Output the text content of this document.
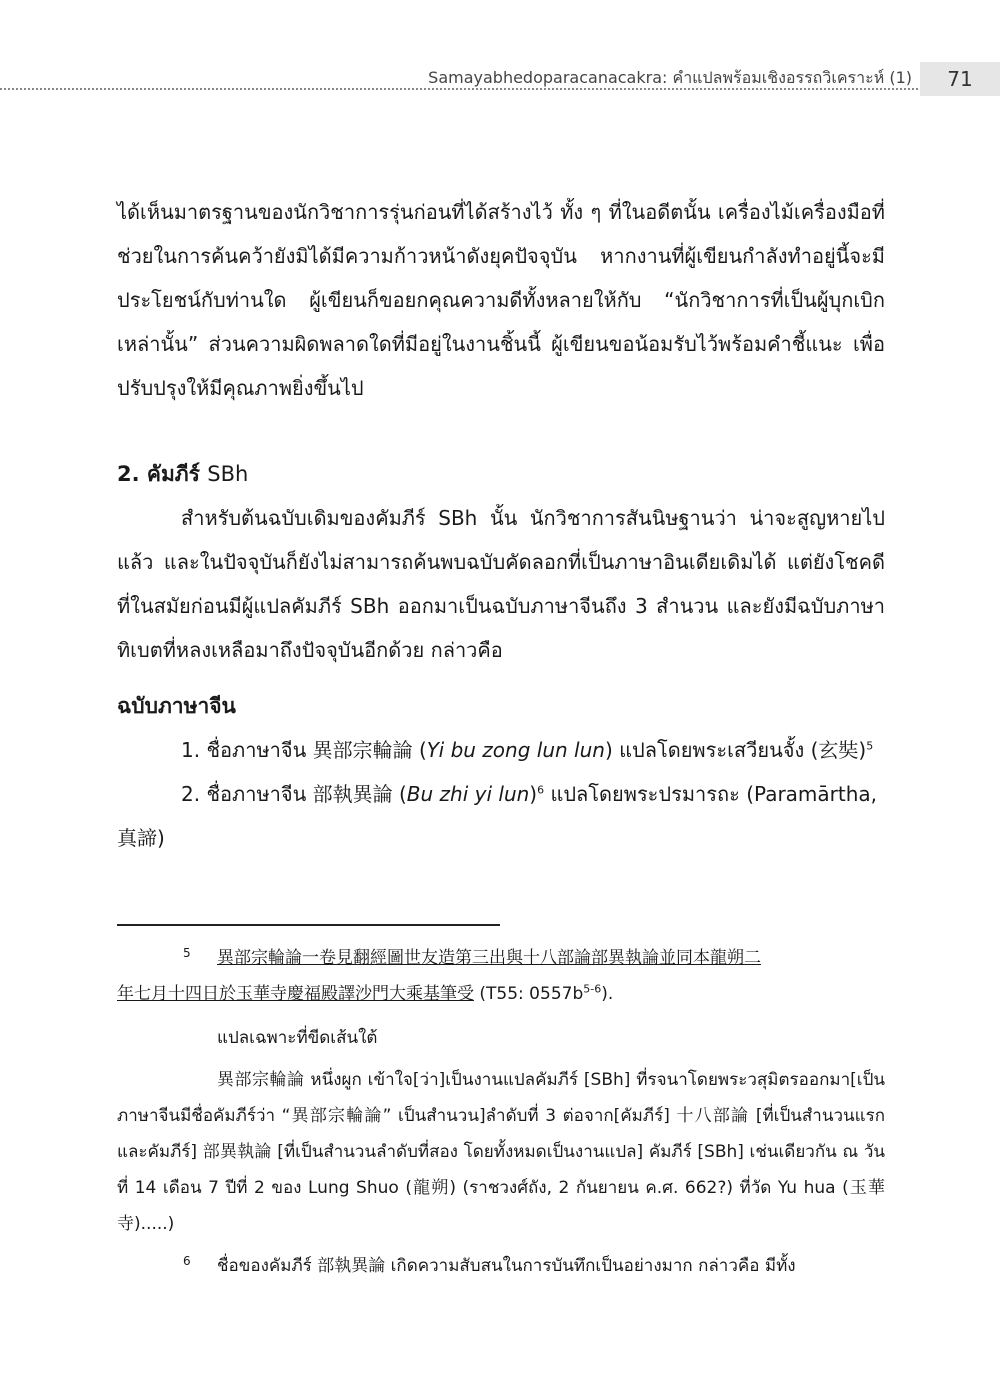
Samayabhedoparacanacakra: คำแปลพร้อมเชิงอรรถวิเคราะห์ (1) 71

ได้เห็นมาตรฐานของนักวิชาการรุ่นก่อนที่ได้สร้างไว้ ทั้ง ๆ ที่ในอดีตนั้น เครื่องไม้เครื่องมือที่ช่วยในการค้นคว้ายังมิได้มีความก้าวหน้าดังยุคปัจจุบัน หากงานที่ผู้เขียนกำลังทำอยู่นี้จะมีประโยชน์กับท่านใด ผู้เขียนก็ขอยกคุณความดีทั้งหลายให้กับ “นักวิชาการที่เป็นผู้บุกเบิกเหล่านั้น” ส่วนความผิดพลาดใดที่มีอยู่ในงานชิ้นนี้ ผู้เขียนขอน้อมรับไว้พร้อมคำชี้แนะ เพื่อปรับปรุงให้มีคุณภาพยิ่งขึ้นไป

2. คัมภีร์ SBh

สำหรับต้นฉบับเดิมของคัมภีร์ SBh นั้น นักวิชาการสันนิษฐานว่า น่าจะสูญหายไปแล้ว และในปัจจุบันก็ยังไม่สามารถค้นพบฉบับคัดลอกที่เป็นภาษาอินเดียเดิมได้ แต่ยังโชคดีที่ในสมัยก่อนมีผู้แปลคัมภีร์ SBh ออกมาเป็นฉบับภาษาจีนถึง 3 สำนวน และยังมีฉบับภาษาทิเบตที่หลงเหลือมาถึงปัจจุบันอีกด้วย กล่าวคือ

ฉบับภาษาจีน

1. ชื่อภาษาจีน 異部宗輪論 (Yi bu zong lun lun) แปลโดยพระเสวียนจั้ง (玄奘)$^5$

2. ชื่อภาษาจีน 部執異論 (Bu zhi yi lun)$^6$ แปลโดยพระปรมารถะ (Paramārtha, 真諦)

5 異部宗輪論一卷見翻經圖世友造第三出與十八部論部異執論並同本龍朔二
年七月十四日於玉華寺慶福殿譯沙門大乘基筆受 (T55: $0557b^{5-6}$).
แปลเฉพาะที่ขีดเส้นใต้
異部宗輪論 หนึ่งผูก เข้าใจ[ว่า]เป็นงานแปลคัมภีร์ [SBh] ที่รจนาโดยพระวสุมิตรออกมา[เป็นภาษาจีนมีชื่อคัมภีร์ว่า “異部宗輪論” เป็นสำนวน]ลำดับที่ 3 ต่อจาก[คัมภีร์] 十八部論 [ที่เป็นสำนวนแรก และคัมภีร์] 部異執論 [ที่เป็นสำนวนลำดับที่สอง โดยทั้งหมดเป็นงานแปล] คัมภีร์ [SBh] เช่นเดียวกัน ณ วันที่ 14 เดือน 7 ปีที่ 2 ของ Lung Shuo (龍朔) (ราชวงศ์ถัง, 2 กันยายน ค.ศ. 662?) ที่วัด Yu hua (玉華寺).....)
6 ชื่อของคัมภีร์ 部執異論 เกิดความสับสนในการบันทึกเป็นอย่างมาก กล่าวคือ มีทั้ง
